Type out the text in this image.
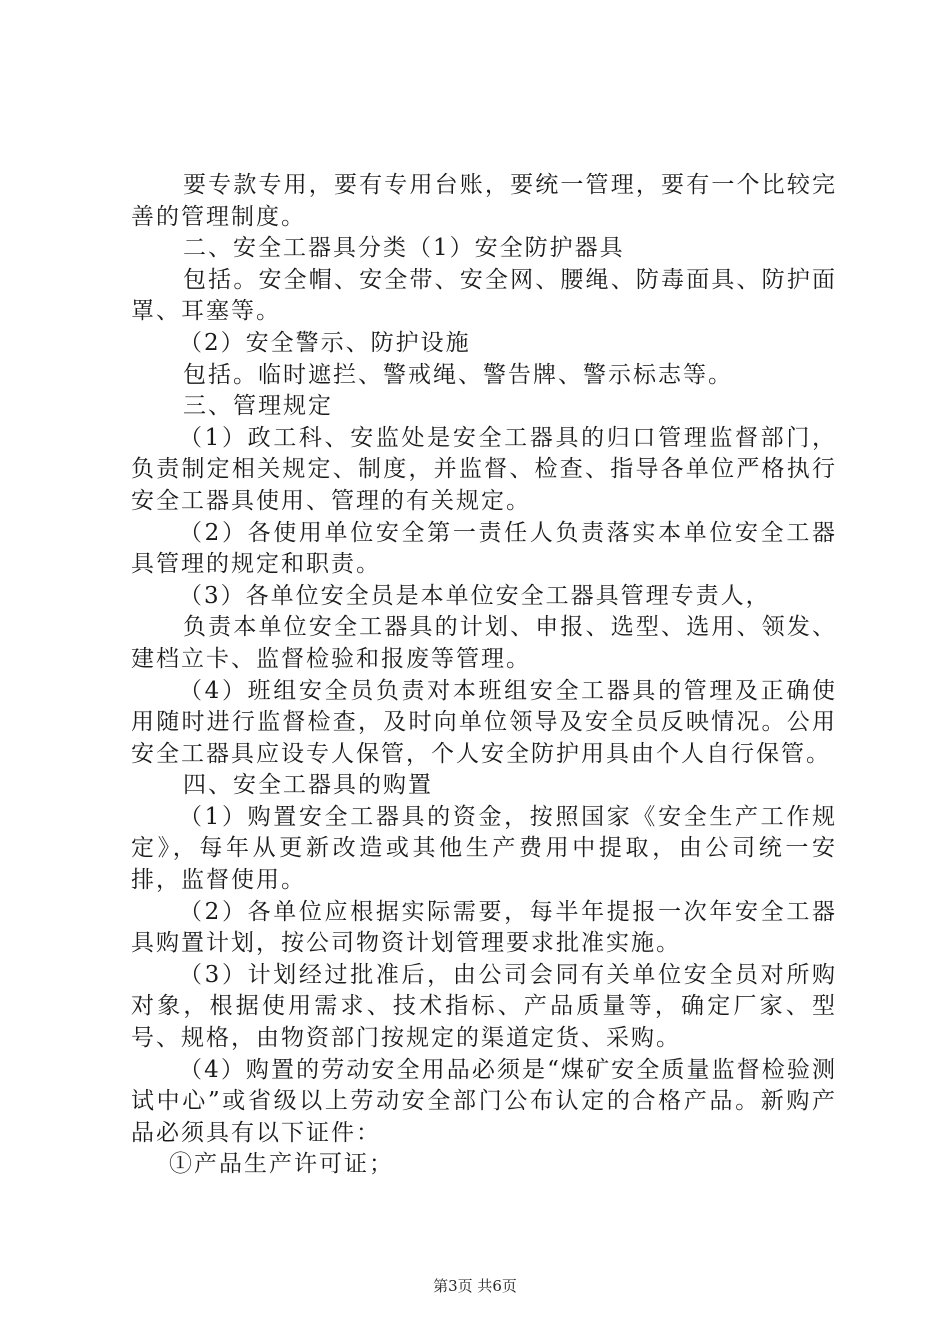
要专款专用，要有专用台账，要统一管理，要有一个比较完善的管理制度。

二、安全工器具分类（1）安全防护器具

包括。安全帽、安全带、安全网、腰绳、防毒面具、防护面罩、耳塞等。

（2）安全警示、防护设施

包括。临时遮拦、警戒绳、警告牌、警示标志等。

三、管理规定

（1）政工科、安监处是安全工器具的归口管理监督部门，负责制定相关规定、制度，并监督、检查、指导各单位严格执行安全工器具使用、管理的有关规定。

（2）各使用单位安全第一责任人负责落实本单位安全工器具管理的规定和职责。

（3）各单位安全员是本单位安全工器具管理专责人，

负责本单位安全工器具的计划、申报、选型、选用、领发、建档立卡、监督检验和报废等管理。

（4）班组安全员负责对本班组安全工器具的管理及正确使用随时进行监督检查，及时向单位领导及安全员反映情况。公用安全工器具应设专人保管，个人安全防护用具由个人自行保管。

四、安全工器具的购置

（1）购置安全工器具的资金，按照国家《安全生产工作规定》，每年从更新改造或其他生产费用中提取，由公司统一安排，监督使用。

（2）各单位应根据实际需要，每半年提报一次年安全工器具购置计划，按公司物资计划管理要求批准实施。

（3）计划经过批准后，由公司会同有关单位安全员对所购对象，根据使用需求、技术指标、产品质量等，确定厂家、型号、规格，由物资部门按规定的渠道定货、采购。

（4）购置的劳动安全用品必须是“煤矿安全质量监督检验测试中心”或省级以上劳动安全部门公布认定的合格产品。新购产品必须具有以下证件：

①产品生产许可证；

第3页 共6页
